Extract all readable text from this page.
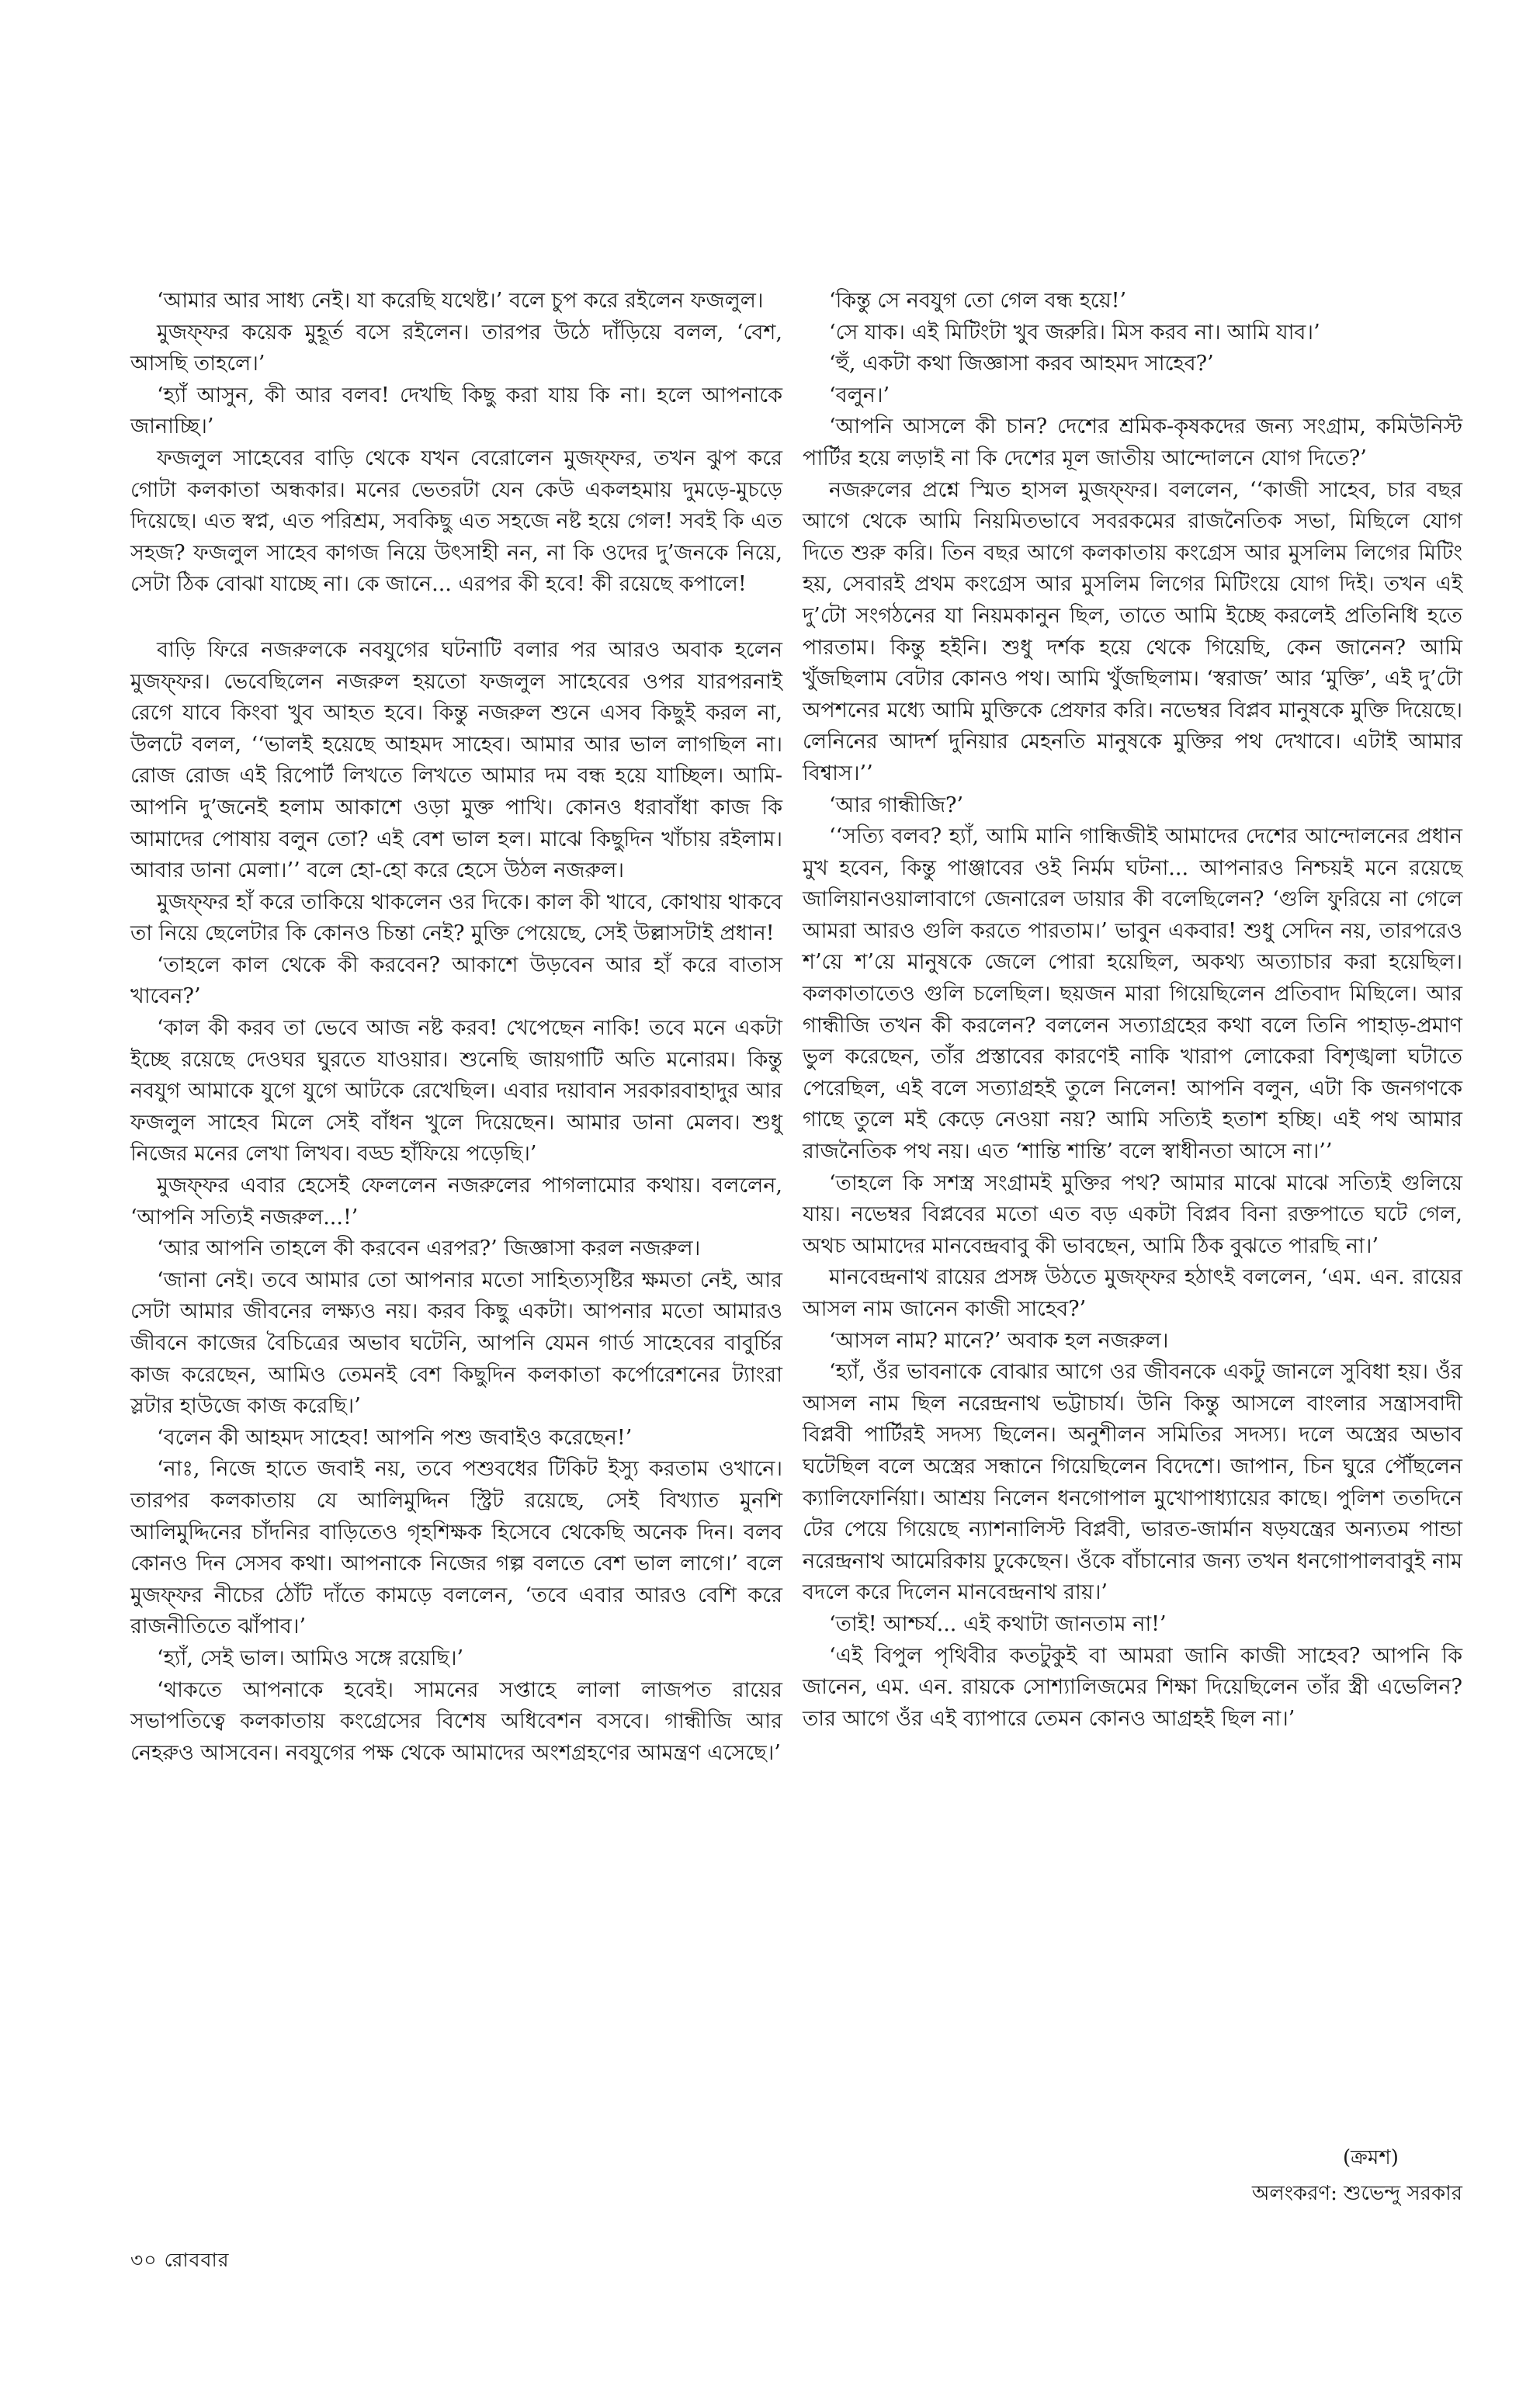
‘আমার আর সাধ্য নেই। যা করেছি যথেষ্ট।’ বলে চুপ করে রইলেন ফজলুল।

মুজফ্ফর কয়েক মুহূর্ত বসে রইলেন। তারপর উঠে দাঁড়িয়ে বলল, ‘বেশ, আসছি তাহলে।’

‘হ্যাঁ আসুন, কী আর বলব! দেখছি কিছু করা যায় কি না। হলে আপনাকে জানাচ্ছি।’

ফজলুল সাহেবের বাড়ি থেকে যখন বেরোলেন মুজফ্ফর, তখন ঝুপ করে গোটা কলকাতা অন্ধকার। মনের ভেতরটা যেন কেউ একলহমায় দুমড়ে-মুচড়ে দিয়েছে। এত স্বপ্ন, এত পরিশ্রম, সবকিছু এত সহজে নষ্ট হয়ে গেল! সবই কি এত সহজ? ফজলুল সাহেব কাগজ নিয়ে উৎসাহী নন, না কি ওদের দু’জনকে নিয়ে, সেটা ঠিক বোঝা যাচ্ছে না। কে জানে... এরপর কী হবে! কী রয়েছে কপালে!

বাড়ি ফিরে নজরুলকে নবযুগের ঘটনাটি বলার পর আরও অবাক হলেন মুজফ্ফর। ভেবেছিলেন নজরুল হয়তো ফজলুল সাহেবের ওপর যারপরনাই রেগে যাবে কিংবা খুব আহত হবে। কিন্তু নজরুল শুনে এসব কিছুই করল না, উলটে বলল, ‘‘ভালই হয়েছে আহমদ সাহেব। আমার আর ভাল লাগছিল না। রোজ রোজ এই রিপোর্ট লিখতে লিখতে আমার দম বন্ধ হয়ে যাচ্ছিল। আমি-আপনি দু’জনেই হলাম আকাশে ওড়া মুক্ত পাখি। কোনও ধরাবাঁধা কাজ কি আমাদের পোষায় বলুন তো? এই বেশ ভাল হল। মাঝে কিছুদিন খাঁচায় রইলাম। আবার ডানা মেলা।’’ বলে হো-হো করে হেসে উঠল নজরুল।

মুজফ্ফর হাঁ করে তাকিয়ে থাকলেন ওর দিকে। কাল কী খাবে, কোথায় থাকবে তা নিয়ে ছেলেটার কি কোনও চিন্তা নেই? মুক্তি পেয়েছে, সেই উল্লাসটাই প্রধান!

‘তাহলে কাল থেকে কী করবেন? আকাশে উড়বেন আর হাঁ করে বাতাস খাবেন?’

‘কাল কী করব তা ভেবে আজ নষ্ট করব! খেপেছেন নাকি! তবে মনে একটা ইচ্ছে রয়েছে দেওঘর ঘুরতে যাওয়ার। শুনেছি জায়গাটি অতি মনোরম। কিন্তু নবযুগ আমাকে যুগে যুগে আটকে রেখেছিল। এবার দয়াবান সরকারবাহাদুর আর ফজলুল সাহেব মিলে সেই বাঁধন খুলে দিয়েছেন। আমার ডানা মেলব। শুধু নিজের মনের লেখা লিখব। বড্ড হাঁফিয়ে পড়েছি।’

মুজফ্ফর এবার হেসেই ফেললেন নজরুলের পাগলামোর কথায়। বললেন, ‘আপনি সত্যিই নজরুল...!’

‘আর আপনি তাহলে কী করবেন এরপর?’ জিজ্ঞাসা করল নজরুল।

‘জানা নেই। তবে আমার তো আপনার মতো সাহিত্যসৃষ্টির ক্ষমতা নেই, আর সেটা আমার জীবনের লক্ষ্যও নয়। করব কিছু একটা। আপনার মতো আমারও জীবনে কাজের বৈচিত্রের অভাব ঘটেনি, আপনি যেমন গার্ড সাহেবের বাবুর্চির কাজ করেছেন, আমিও তেমনই বেশ কিছুদিন কলকাতা কর্পোরেশনের ট্যাংরা স্লটার হাউজে কাজ করেছি।’

‘বলেন কী আহমদ সাহেব! আপনি পশু জবাইও করেছেন!’

‘নাঃ, নিজে হাতে জবাই নয়, তবে পশুবধের টিকিট ইস্যু করতাম ওখানে। তারপর কলকাতায় যে আলিমুদ্দিন স্ট্রিট রয়েছে, সেই বিখ্যাত মুনশি আলিমুদ্দিনের চাঁদনির বাড়িতেও গৃহশিক্ষক হিসেবে থেকেছি অনেক দিন। বলব কোনও দিন সেসব কথা। আপনাকে নিজের গল্প বলতে বেশ ভাল লাগে।’ বলে মুজফ্ফর নীচের ঠোঁট দাঁতে কামড়ে বললেন, ‘তবে এবার আরও বেশি করে রাজনীতিতে ঝাঁপাব।’

‘হ্যাঁ, সেই ভাল। আমিও সঙ্গে রয়েছি।’

‘থাকতে আপনাকে হবেই। সামনের সপ্তাহে লালা লাজপত রায়ের সভাপতিত্বে কলকাতায় কংগ্রেসের বিশেষ অধিবেশন বসবে। গান্ধীজি আর নেহরুও আসবেন। নবযুগের পক্ষ থেকে আমাদের অংশগ্রহণের আমন্ত্রণ এসেছে।’

‘কিন্তু সে নবযুগ তো গেল বন্ধ হয়ে!’

‘সে যাক। এই মিটিংটা খুব জরুরি। মিস করব না। আমি যাব।’

‘হুঁ, একটা কথা জিজ্ঞাসা করব আহমদ সাহেব?’

‘বলুন।’

‘আপনি আসলে কী চান? দেশের শ্রমিক-কৃষকদের জন্য সংগ্রাম, কমিউনিস্ট পার্টির হয়ে লড়াই না কি দেশের মূল জাতীয় আন্দোলনে যোগ দিতে?’

নজরুলের প্রশ্নে স্মিত হাসল মুজফ্ফর। বললেন, ‘‘কাজী সাহেব, চার বছর আগে থেকে আমি নিয়মিতভাবে সবরকমের রাজনৈতিক সভা, মিছিলে যোগ দিতে শুরু করি। তিন বছর আগে কলকাতায় কংগ্রেস আর মুসলিম লিগের মিটিং হয়, সেবারই প্রথম কংগ্রেস আর মুসলিম লিগের মিটিংয়ে যোগ দিই। তখন এই দু’টো সংগঠনের যা নিয়মকানুন ছিল, তাতে আমি ইচ্ছে করলেই প্রতিনিধি হতে পারতাম। কিন্তু হইনি। শুধু দর্শক হয়ে থেকে গিয়েছি, কেন জানেন? আমি খুঁজছিলাম বেটার কোনও পথ। আমি খুঁজছিলাম। ‘স্বরাজ’ আর ‘মুক্তি’, এই দু’টো অপশনের মধ্যে আমি মুক্তিকে প্রেফার করি। নভেম্বর বিপ্লব মানুষকে মুক্তি দিয়েছে। লেনিনের আদর্শ দুনিয়ার মেহনতি মানুষকে মুক্তির পথ দেখাবে। এটাই আমার বিশ্বাস।’’

‘আর গান্ধীজি?’

‘‘সত্যি বলব? হ্যাঁ, আমি মানি গান্ধিজীই আমাদের দেশের আন্দোলনের প্রধান মুখ হবেন, কিন্তু পাঞ্জাবের ওই নির্মম ঘটনা... আপনারও নিশ্চয়ই মনে রয়েছে জালিয়ানওয়ালাবাগে জেনারেল ডায়ার কী বলেছিলেন? ‘গুলি ফুরিয়ে না গেলে আমরা আরও গুলি করতে পারতাম।’ ভাবুন একবার! শুধু সেদিন নয়, তারপরেও শ’য়ে শ’য়ে মানুষকে জেলে পোরা হয়েছিল, অকথ্য অত্যাচার করা হয়েছিল। কলকাতাতেও গুলি চলেছিল। ছয়জন মারা গিয়েছিলেন প্রতিবাদ মিছিলে। আর গান্ধীজি তখন কী করলেন? বললেন সত্যাগ্রহের কথা বলে তিনি পাহাড়-প্রমাণ ভুল করেছেন, তাঁর প্রস্তাবের কারণেই নাকি খারাপ লোকেরা বিশৃঙ্খলা ঘটাতে পেরেছিল, এই বলে সত্যাগ্রহই তুলে নিলেন! আপনি বলুন, এটা কি জনগণকে গাছে তুলে মই কেড়ে নেওয়া নয়? আমি সত্যিই হতাশ হচ্ছি। এই পথ আমার রাজনৈতিক পথ নয়। এত ‘শান্তি শান্তি’ বলে স্বাধীনতা আসে না।’’

‘তাহলে কি সশস্ত্র সংগ্রামই মুক্তির পথ? আমার মাঝে মাঝে সত্যিই গুলিয়ে যায়। নভেম্বর বিপ্লবের মতো এত বড় একটা বিপ্লব বিনা রক্তপাতে ঘটে গেল, অথচ আমাদের মানবেন্দ্রবাবু কী ভাবছেন, আমি ঠিক বুঝতে পারছি না।’

মানবেন্দ্রনাথ রায়ের প্রসঙ্গ উঠতে মুজফ্ফর হঠাৎই বললেন, ‘এম. এন. রায়ের আসল নাম জানেন কাজী সাহেব?’

‘আসল নাম? মানে?’ অবাক হল নজরুল।

‘হ্যাঁ, ওঁর ভাবনাকে বোঝার আগে ওর জীবনকে একটু জানলে সুবিধা হয়। ওঁর আসল নাম ছিল নরেন্দ্রনাথ ভট্টাচার্য। উনি কিন্তু আসলে বাংলার সন্ত্রাসবাদী বিপ্লবী পার্টিরই সদস্য ছিলেন। অনুশীলন সমিতির সদস্য। দলে অস্ত্রের অভাব ঘটেছিল বলে অস্ত্রের সন্ধানে গিয়েছিলেন বিদেশে। জাপান, চিন ঘুরে পৌঁছলেন ক্যালিফোর্নিয়া। আশ্রয় নিলেন ধনগোপাল মুখোপাধ্যায়ের কাছে। পুলিশ ততদিনে টের পেয়ে গিয়েছে ন্যাশনালিস্ট বিপ্লবী, ভারত-জার্মান ষড়যন্ত্রের অন্যতম পান্ডা নরেন্দ্রনাথ আমেরিকায় ঢুকেছেন। ওঁকে বাঁচানোর জন্য তখন ধনগোপালবাবুই নাম বদলে করে দিলেন মানবেন্দ্রনাথ রায়।’

‘তাই! আশ্চর্য... এই কথাটা জানতাম না!’

‘এই বিপুল পৃথিবীর কতটুকুই বা আমরা জানি কাজী সাহেব? আপনি কি জানেন, এম. এন. রায়কে সোশ্যালিজমের শিক্ষা দিয়েছিলেন তাঁর স্ত্রী এভেলিন? তার আগে ওঁর এই ব্যাপারে তেমন কোনও আগ্রহই ছিল না।’

(ক্রমশ)
অলংকরণ: শুভেন্দু সরকার
৩০ রোববার
